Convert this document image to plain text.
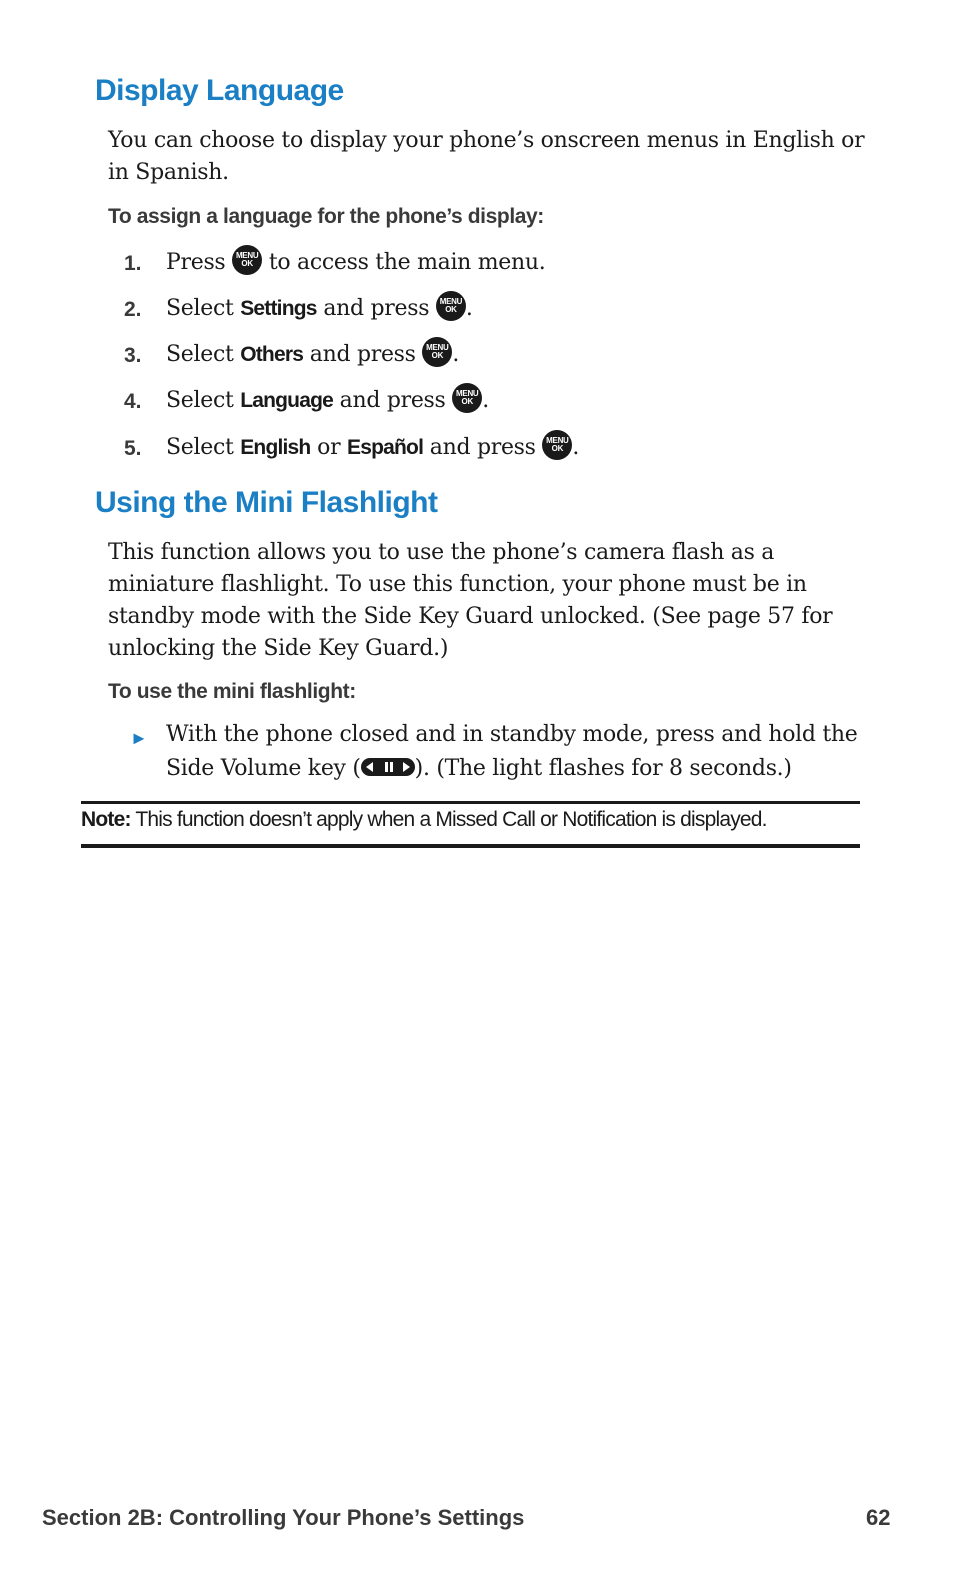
Display Language
You can choose to display your phone’s onscreen menus in English or in Spanish.
To assign a language for the phone’s display:
1. Press MENU
OK to access the main menu.
2. Select Settings and press MENU
OK .
3. Select Others and press MENU
OK .
4. Select Language and press MENU
OK .
5. Select English or Español and press MENU
OK .
Using the Mini Flashlight
This function allows you to use the phone’s camera flash as a miniature flashlight. To use this function, your phone must be in standby mode with the Side Key Guard unlocked. (See page 57 for unlocking the Side Key Guard.)
To use the mini flashlight:
► With the phone closed and in standby mode, press and hold the
Side Volume key ( ). (The light flashes for 8 seconds.)
Note: This function doesn’t apply when a Missed Call or Notification is displayed.
Section 2B: Controlling Your Phone’s Settings	62
